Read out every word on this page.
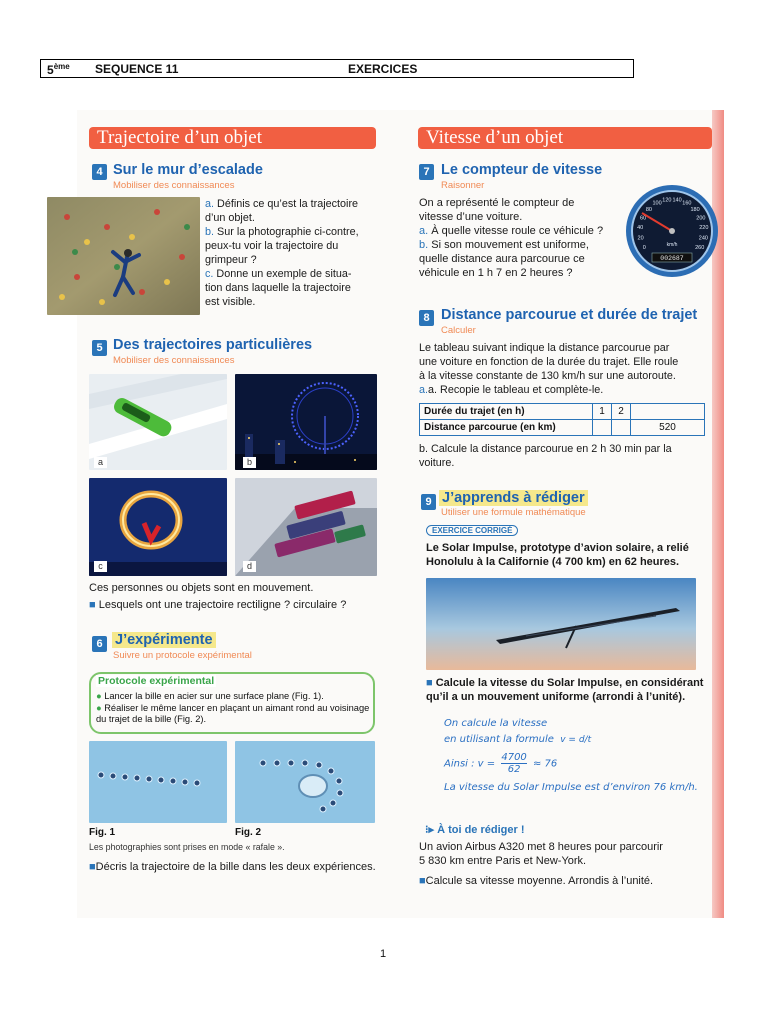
5ème SEQUENCE 11	EXERCICES
Trajectoire d’un objet
4 Sur le mur d’escalade
Mobiliser des connaissances
a. Définis ce qu’est la trajectoire
d’un objet.
b. Sur la photographie ci-contre,
peux-tu voir la trajectoire du
grimpeur ?
c. Donne un exemple de situa-
tion dans laquelle la trajectoire
est visible.
5 Des trajectoires particulières
Mobiliser des connaissances
a	b
c	d
Ces personnes ou objets sont en mouvement.
■ Lesquels ont une trajectoire rectiligne ? circulaire ?
6 J’expérimente
Suivre un protocole expérimental
Protocole expérimental
● Lancer la bille en acier sur une surface plane (Fig. 1).
● Réaliser le même lancer en plaçant un aimant rond au voisinage du trajet de la bille (Fig. 2).
Fig. 1	Fig. 2
Les photographies sont prises en mode « rafale ».
■Décris la trajectoire de la bille dans les deux expériences.
Vitesse d’un objet
7 Le compteur de vitesse
Raisonner
On a représenté le compteur de
vitesse d’une voiture.
a. À quelle vitesse roule ce véhicule ?
b. Si son mouvement est uniforme,
quelle distance aura parcourue ce
véhicule en 1 h 7 en 2 heures ?
0
20
40
60
80
100
120 140
160
180
200
220
240
260
km/h
002687
8 Distance parcourue et durée de trajet
Calculer
Le tableau suivant indique la distance parcourue par
une voiture en fonction de la durée du trajet. Elle roule
à la vitesse constante de 130 km/h sur une autoroute.
a.a. Recopie le tableau et complète-le.
Durée du trajet (en h)	1	2	
Distance parcourue (en km)			520
b. Calcule la distance parcourue en 2 h 30 min par la
voiture.
9 J’apprends à rédiger
Utiliser une formule mathématique
EXERCICE CORRIGÉ
Le Solar Impulse, prototype d’avion solaire, a relié
Honolulu à la Californie (4 700 km) en 62 heures.
■ Calcule la vitesse du Solar Impulse, en considérant
qu’il a un mouvement uniforme (arrondi à l’unité).
On calcule la vitesse
en utilisant la formule v = d/t
Ainsi : $v = \frac{4700}{62} \approx 76$
La vitesse du Solar Impulse est d’environ 76 km/h.
⁝▸ À toi de rédiger !
Un avion Airbus A320 met 8 heures pour parcourir
5 830 km entre Paris et New-York.
■Calcule sa vitesse moyenne. Arrondis à l’unité.
1
